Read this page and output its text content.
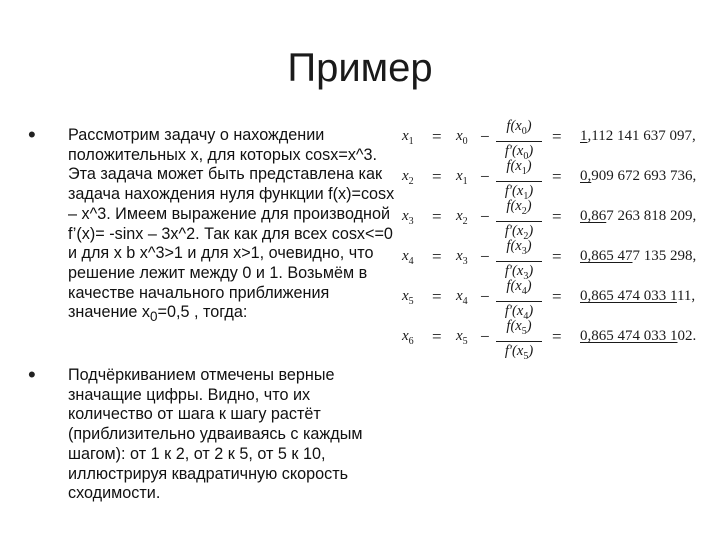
Пример
• Рассмотрим задачу о нахождении положительных x, для которых cosx=x^3. Эта задача может быть представлена как задача нахождения нуля функции f(x)=cosx – x^3. Имеем выражение для производной f’(x)= -sinx – 3x^2. Так как для всех cosx<=0 и для x b x^3>1 и для x>1, очевидно, что решение лежит между 0 и 1. Возьмём в качестве начального приближения значение $x_0=0,5$ , тогда:
• Подчёркиванием отмечены верные значащие цифры. Видно, что их количество от шага к шагу растёт (приблизительно удваиваясь с каждым шагом): от 1 к 2, от 2 к 5, от 5 к 10, иллюстрируя квадратичную скорость сходимости.
$x_1 = x_0$ −
$f(x_0)$
$f'(x_0)$
= 1,112 141 637 097,
$x_2 = x_1$ −
$f(x_1)$
$f'(x_1)$
= 0,909 672 693 736,
$x_3 = x_2$ −
$f(x_2)$
$f'(x_2)$
= 0,867 263 818 209,
$x_4 = x_3$ −
$f(x_3)$
$f'(x_3)$
= 0,865 477 135 298,
$x_5 = x_4$ −
$f(x_4)$
$f'(x_4)$
= 0,865 474 033 111,
$x_6 = x_5$ −
$f(x_5)$
$f'(x_5)$
= 0,865 474 033 102.
